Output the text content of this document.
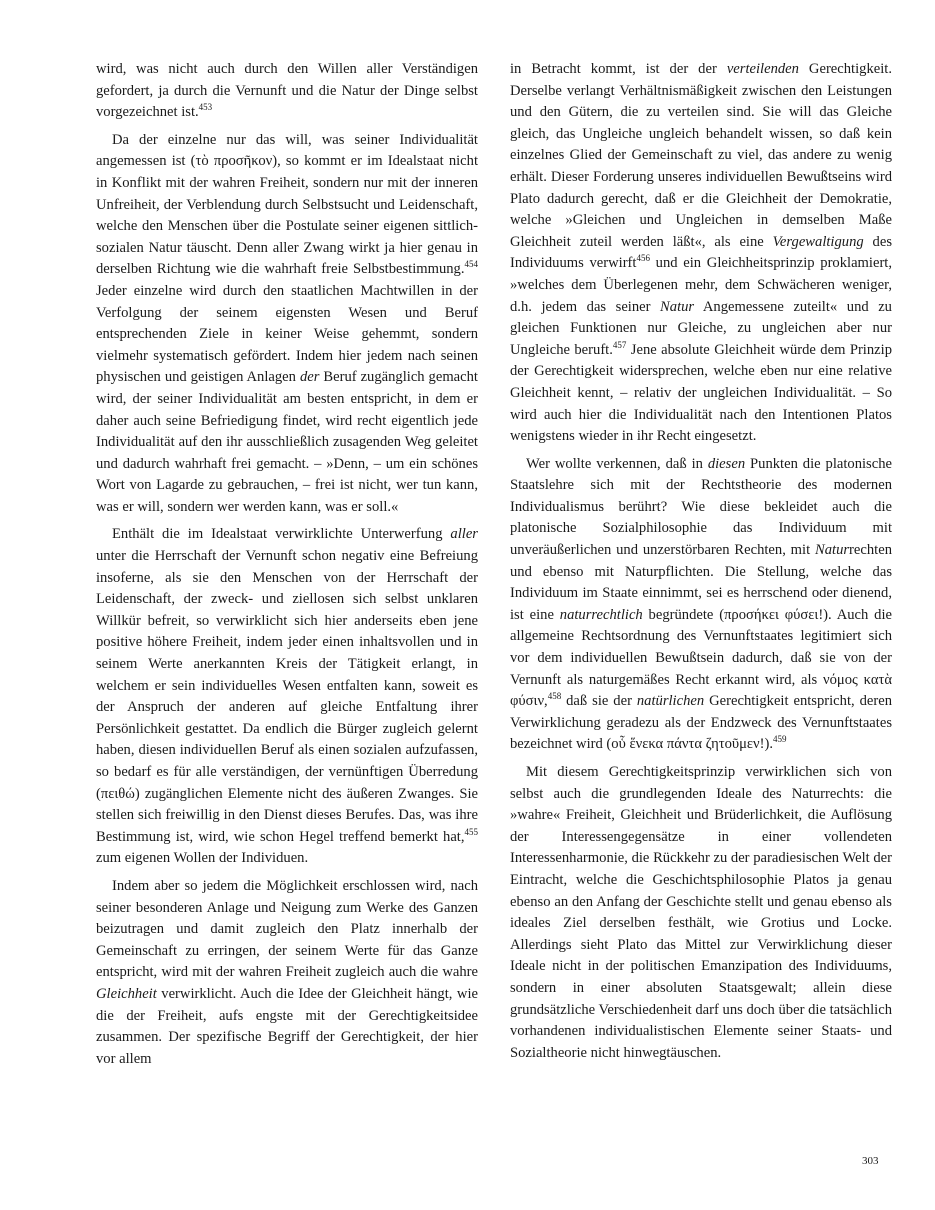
wird, was nicht auch durch den Willen aller Verständigen gefordert, ja durch die Vernunft und die Natur der Dinge selbst vorgezeichnet ist.$^{453}$

Da der einzelne nur das will, was seiner Individualität angemessen ist (τὸ προσῆκον), so kommt er im Idealstaat nicht in Konflikt mit der wahren Freiheit, sondern nur mit der inneren Unfreiheit, der Verblendung durch Selbstsucht und Leidenschaft, welche den Menschen über die Postulate seiner eigenen sittlich-sozialen Natur täuscht. Denn aller Zwang wirkt ja hier genau in derselben Richtung wie die wahrhaft freie Selbstbestimmung.$^{454}$ Jeder einzelne wird durch den staatlichen Machtwillen in der Verfolgung der seinem eigensten Wesen und Beruf entsprechenden Ziele in keiner Weise gehemmt, sondern vielmehr systematisch gefördert. Indem hier jedem nach seinen physischen und geistigen Anlagen der Beruf zugänglich gemacht wird, der seiner Individualität am besten entspricht, in dem er daher auch seine Befriedigung findet, wird recht eigentlich jede Individualität auf den ihr ausschließlich zusagenden Weg geleitet und dadurch wahrhaft frei gemacht. – »Denn, – um ein schönes Wort von Lagarde zu gebrauchen, – frei ist nicht, wer tun kann, was er will, sondern wer werden kann, was er soll.«

Enthält die im Idealstaat verwirklichte Unterwerfung aller unter die Herrschaft der Vernunft schon negativ eine Befreiung insoferne, als sie den Menschen von der Herrschaft der Leidenschaft, der zweck- und ziellosen sich selbst unklaren Willkür befreit, so verwirklicht sich hier anderseits eben jene positive höhere Freiheit, indem jeder einen inhaltsvollen und in seinem Werte anerkannten Kreis der Tätigkeit erlangt, in welchem er sein individuelles Wesen entfalten kann, soweit es der Anspruch der anderen auf gleiche Entfaltung ihrer Persönlichkeit gestattet. Da endlich die Bürger zugleich gelernt haben, diesen individuellen Beruf als einen sozialen aufzufassen, so bedarf es für alle verständigen, der vernünftigen Überredung (πειθώ) zugänglichen Elemente nicht des äußeren Zwanges. Sie stellen sich freiwillig in den Dienst dieses Berufes. Das, was ihre Bestimmung ist, wird, wie schon Hegel treffend bemerkt hat,$^{455}$ zum eigenen Wollen der Individuen.

Indem aber so jedem die Möglichkeit erschlossen wird, nach seiner besonderen Anlage und Neigung zum Werke des Ganzen beizutragen und damit zugleich den Platz innerhalb der Gemeinschaft zu erringen, der seinem Werte für das Ganze entspricht, wird mit der wahren Freiheit zugleich auch die wahre Gleichheit verwirklicht. Auch die Idee der Gleichheit hängt, wie die der Freiheit, aufs engste mit der Gerechtigkeitsidee zusammen. Der spezifische Begriff der Gerechtigkeit, der hier vor allem

in Betracht kommt, ist der der verteilenden Gerechtigkeit. Derselbe verlangt Verhältnismäßigkeit zwischen den Leistungen und den Gütern, die zu verteilen sind. Sie will das Gleiche gleich, das Ungleiche ungleich behandelt wissen, so daß kein einzelnes Glied der Gemeinschaft zu viel, das andere zu wenig erhält. Dieser Forderung unseres individuellen Bewußtseins wird Plato dadurch gerecht, daß er die Gleichheit der Demokratie, welche »Gleichen und Ungleichen in demselben Maße Gleichheit zuteil werden läßt«, als eine Vergewaltigung des Individuums verwirft$^{456}$ und ein Gleichheitsprinzip proklamiert, »welches dem Überlegenen mehr, dem Schwächeren weniger, d.h. jedem das seiner Natur Angemessene zuteilt« und zu gleichen Funktionen nur Gleiche, zu ungleichen aber nur Ungleiche beruft.$^{457}$ Jene absolute Gleichheit würde dem Prinzip der Gerechtigkeit widersprechen, welche eben nur eine relative Gleichheit kennt, – relativ der ungleichen Individualität. – So wird auch hier die Individualität nach den Intentionen Platos wenigstens wieder in ihr Recht eingesetzt.

Wer wollte verkennen, daß in diesen Punkten die platonische Staatslehre sich mit der Rechtstheorie des modernen Individualismus berührt? Wie diese bekleidet auch die platonische Sozialphilosophie das Individuum mit unveräußerlichen und unzerstörbaren Rechten, mit Naturrechten und ebenso mit Naturpflichten. Die Stellung, welche das Individuum im Staate einnimmt, sei es herrschend oder dienend, ist eine naturrechtlich begründete (προσήκει φύσει!). Auch die allgemeine Rechtsordnung des Vernunftstaates legitimiert sich vor dem individuellen Bewußtsein dadurch, daß sie von der Vernunft als naturgemäßes Recht erkannt wird, als νόμος κατὰ φύσιν,$^{458}$ daß sie der natürlichen Gerechtigkeit entspricht, deren Verwirklichung geradezu als der Endzweck des Vernunftstaates bezeichnet wird (οὗ ἕνεκα πάντα ζητοῦμεν!).$^{459}$

Mit diesem Gerechtigkeitsprinzip verwirklichen sich von selbst auch die grundlegenden Ideale des Naturrechts: die »wahre« Freiheit, Gleichheit und Brüderlichkeit, die Auflösung der Interessengegensätze in einer vollendeten Interessenharmonie, die Rückkehr zu der paradiesischen Welt der Eintracht, welche die Geschichtsphilosophie Platos ja genau ebenso an den Anfang der Geschichte stellt und genau ebenso als ideales Ziel derselben festhält, wie Grotius und Locke. Allerdings sieht Plato das Mittel zur Verwirklichung dieser Ideale nicht in der politischen Emanzipation des Individuums, sondern in einer absoluten Staatsgewalt; allein diese grundsätzliche Verschiedenheit darf uns doch über die tatsächlich vorhandenen individualistischen Elemente seiner Staats- und Sozialtheorie nicht hinwegtäuschen.

303
